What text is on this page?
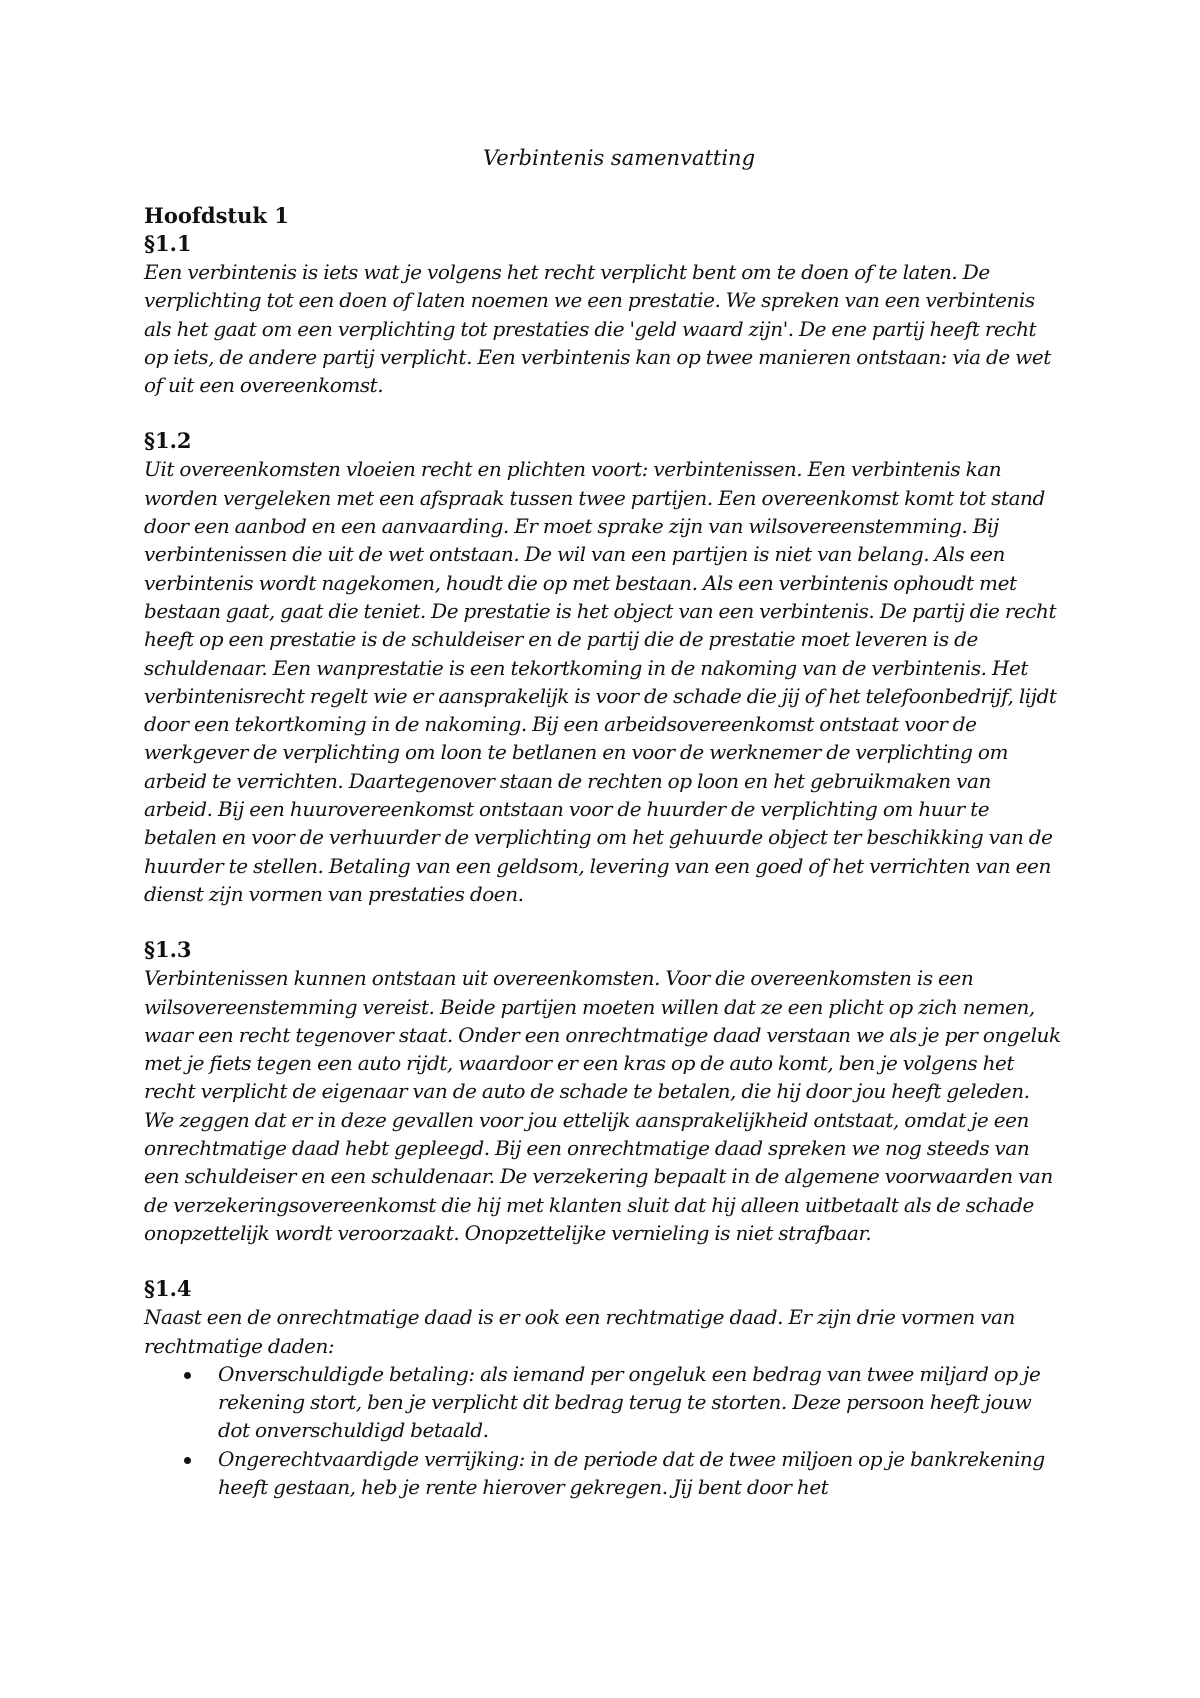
Verbintenis samenvatting

Hoofdstuk 1

§1.1

Een verbintenis is iets wat je volgens het recht verplicht bent om te doen of te laten. De verplichting tot een doen of laten noemen we een prestatie. We spreken van een verbintenis als het gaat om een verplichting tot prestaties die 'geld waard zijn'. De ene partij heeft recht op iets, de andere partij verplicht. Een verbintenis kan op twee manieren ontstaan: via de wet of uit een overeenkomst.

§1.2

Uit overeenkomsten vloeien recht en plichten voort: verbintenissen. Een verbintenis kan worden vergeleken met een afspraak tussen twee partijen. Een overeenkomst komt tot stand door een aanbod en een aanvaarding. Er moet sprake zijn van wilsovereenstemming. Bij verbintenissen die uit de wet ontstaan. De wil van een partijen is niet van belang. Als een verbintenis wordt nagekomen, houdt die op met bestaan. Als een verbintenis ophoudt met bestaan gaat, gaat die teniet. De prestatie is het object van een verbintenis. De partij die recht heeft op een prestatie is de schuldeiser en de partij die de prestatie moet leveren is de schuldenaar. Een wanprestatie is een tekortkoming in de nakoming van de verbintenis. Het verbintenisrecht regelt wie er aansprakelijk is voor de schade die jij of het telefoonbedrijf, lijdt door een tekortkoming in de nakoming. Bij een arbeidsovereenkomst ontstaat voor de werkgever de verplichting om loon te betlanen en voor de werknemer de verplichting om arbeid te verrichten. Daartegenover staan de rechten op loon en het gebruikmaken van arbeid. Bij een huurovereenkomst ontstaan voor de huurder de verplichting om huur te betalen en voor de verhuurder de verplichting om het gehuurde object ter beschikking van de huurder te stellen. Betaling van een geldsom, levering van een goed of het verrichten van een dienst zijn vormen van prestaties doen.

§1.3

Verbintenissen kunnen ontstaan uit overeenkomsten. Voor die overeenkomsten is een wilsovereenstemming vereist. Beide partijen moeten willen dat ze een plicht op zich nemen, waar een recht tegenover staat. Onder een onrechtmatige daad verstaan we als je per ongeluk met je fiets tegen een auto rijdt, waardoor er een kras op de auto komt, ben je volgens het recht verplicht de eigenaar van de auto de schade te betalen, die hij door jou heeft geleden. We zeggen dat er in deze gevallen voor jou ettelijk aansprakelijkheid ontstaat, omdat je een onrechtmatige daad hebt gepleegd. Bij een onrechtmatige daad spreken we nog steeds van een schuldeiser en een schuldenaar. De verzekering bepaalt in de algemene voorwaarden van de verzekeringsovereenkomst die hij met klanten sluit dat hij alleen uitbetaalt als de schade onopzettelijk wordt veroorzaakt. Onopzettelijke vernieling is niet strafbaar.

§1.4

Naast een de onrechtmatige daad is er ook een rechtmatige daad. Er zijn drie vormen van rechtmatige daden:

Onverschuldigde betaling: als iemand per ongeluk een bedrag van twee miljard op je rekening stort, ben je verplicht dit bedrag terug te storten. Deze persoon heeft jouw dot onverschuldigd betaald.
Ongerechtvaardigde verrijking: in de periode dat de twee miljoen op je bankrekening heeft gestaan, heb je rente hierover gekregen. Jij bent door het
